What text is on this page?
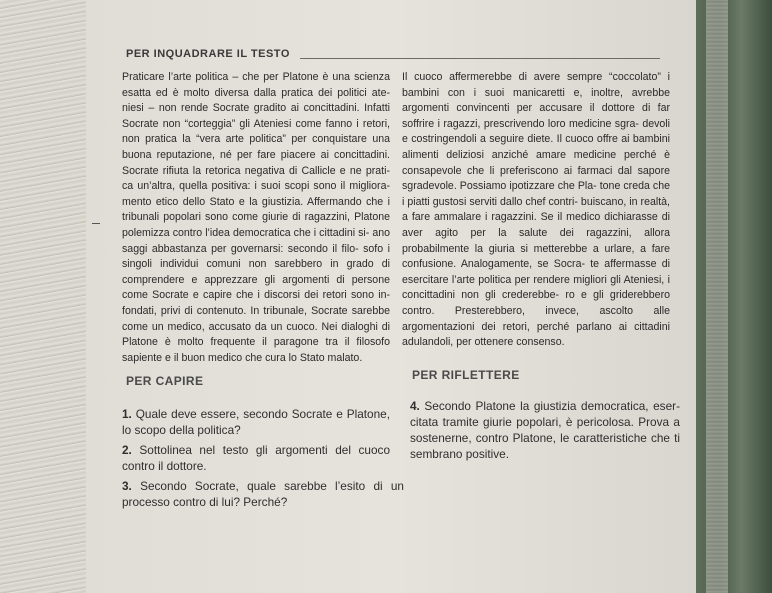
PER INQUADRARE IL TESTO
Praticare l’arte politica – che per Platone è una scienza esatta ed è molto diversa dalla pratica dei politici ate- niesi – non rende Socrate gradito ai concittadini. Infatti Socrate non “corteggia” gli Ateniesi come fanno i retori, non pratica la “vera arte politica” per conquistare una buona reputazione, né per fare piacere ai concittadini. Socrate rifiuta la retorica negativa di Callicle e ne prati- ca un’altra, quella positiva: i suoi scopi sono il migliora- mento etico dello Stato e la giustizia. Affermando che i tribunali popolari sono come giurie di ragazzini, Platone polemizza contro l’idea democratica che i cittadini si- ano saggi abbastanza per governarsi: secondo il filo- sofo i singoli individui comuni non sarebbero in grado di comprendere e apprezzare gli argomenti di persone come Socrate e capire che i discorsi dei retori sono in- fondati, privi di contenuto. In tribunale, Socrate sarebbe come un medico, accusato da un cuoco. Nei dialoghi di Platone è molto frequente il paragone tra il filosofo sapiente e il buon medico che cura lo Stato malato.
Il cuoco affermerebbe di avere sempre “coccolato” i bambini con i suoi manicaretti e, inoltre, avrebbe argomenti convincenti per accusare il dottore di far soffrire i ragazzi, prescrivendo loro medicine sgra- devoli e costringendoli a seguire diete. Il cuoco offre ai bambini alimenti deliziosi anziché amare medicine perché è consapevole che li preferiscono ai farmaci dal sapore sgradevole. Possiamo ipotizzare che Pla- tone creda che i piatti gustosi serviti dallo chef contri- buiscano, in realtà, a fare ammalare i ragazzini. Se il medico dichiarasse di aver agito per la salute dei ragazzini, allora probabilmente la giuria si metterebbe a urlare, a fare confusione. Analogamente, se Socra- te affermasse di esercitare l’arte politica per rendere migliori gli Ateniesi, i concittadini non gli crederebbe- ro e gli griderebbero contro. Presterebbero, invece, ascolto alle argomentazioni dei retori, perché parlano ai cittadini adulandoli, per ottenere consenso.
PER CAPIRE	PER RIFLETTERE
1. Quale deve essere, secondo Socrate e Platone, lo scopo della politica?
2. Sottolinea nel testo gli argomenti del cuoco contro il dottore.
3. Secondo Socrate, quale sarebbe l’esito di un processo contro di lui? Perché?
4. Secondo Platone la giustizia democratica, eser- citata tramite giurie popolari, è pericolosa. Prova a sostenerne, contro Platone, le caratteristiche che ti sembrano positive.
